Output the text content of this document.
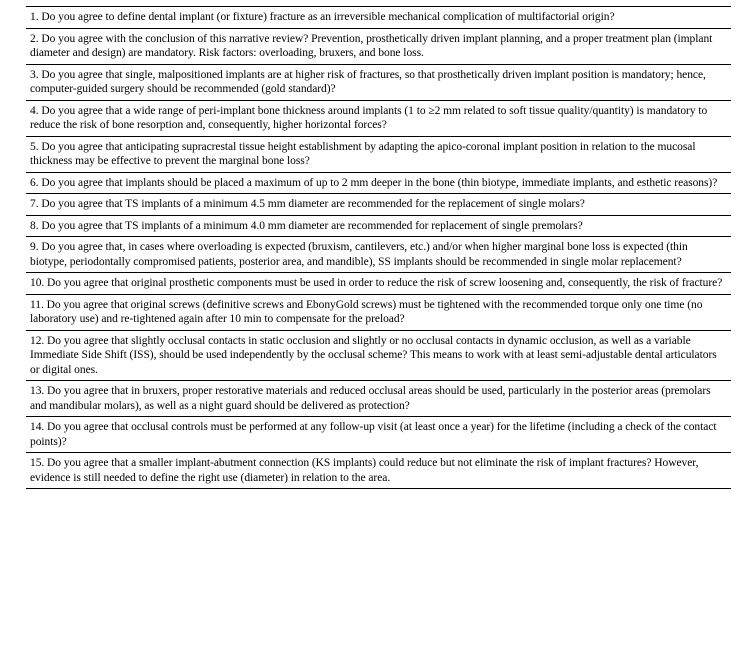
1. Do you agree to define dental implant (or fixture) fracture as an irreversible mechanical complication of multifactorial origin?
2. Do you agree with the conclusion of this narrative review? Prevention, prosthetically driven implant planning, and a proper treatment plan (implant diameter and design) are mandatory. Risk factors: overloading, bruxers, and bone loss.
3. Do you agree that single, malpositioned implants are at higher risk of fractures, so that prosthetically driven implant position is mandatory; hence, computer-guided surgery should be recommended (gold standard)?
4. Do you agree that a wide range of peri-implant bone thickness around implants (1 to ≥2 mm related to soft tissue quality/quantity) is mandatory to reduce the risk of bone resorption and, consequently, higher horizontal forces?
5. Do you agree that anticipating supracrestal tissue height establishment by adapting the apico-coronal implant position in relation to the mucosal thickness may be effective to prevent the marginal bone loss?
6. Do you agree that implants should be placed a maximum of up to 2 mm deeper in the bone (thin biotype, immediate implants, and esthetic reasons)?
7. Do you agree that TS implants of a minimum 4.5 mm diameter are recommended for the replacement of single molars?
8. Do you agree that TS implants of a minimum 4.0 mm diameter are recommended for replacement of single premolars?
9. Do you agree that, in cases where overloading is expected (bruxism, cantilevers, etc.) and/or when higher marginal bone loss is expected (thin biotype, periodontally compromised patients, posterior area, and mandible), SS implants should be recommended in single molar replacement?
10. Do you agree that original prosthetic components must be used in order to reduce the risk of screw loosening and, consequently, the risk of fracture?
11. Do you agree that original screws (definitive screws and EbonyGold screws) must be tightened with the recommended torque only one time (no laboratory use) and re-tightened again after 10 min to compensate for the preload?
12. Do you agree that slightly occlusal contacts in static occlusion and slightly or no occlusal contacts in dynamic occlusion, as well as a variable Immediate Side Shift (ISS), should be used independently by the occlusal scheme? This means to work with at least semi-adjustable dental articulators or digital ones.
13. Do you agree that in bruxers, proper restorative materials and reduced occlusal areas should be used, particularly in the posterior areas (premolars and mandibular molars), as well as a night guard should be delivered as protection?
14. Do you agree that occlusal controls must be performed at any follow-up visit (at least once a year) for the lifetime (including a check of the contact points)?
15. Do you agree that a smaller implant-abutment connection (KS implants) could reduce but not eliminate the risk of implant fractures? However, evidence is still needed to define the right use (diameter) in relation to the area.
